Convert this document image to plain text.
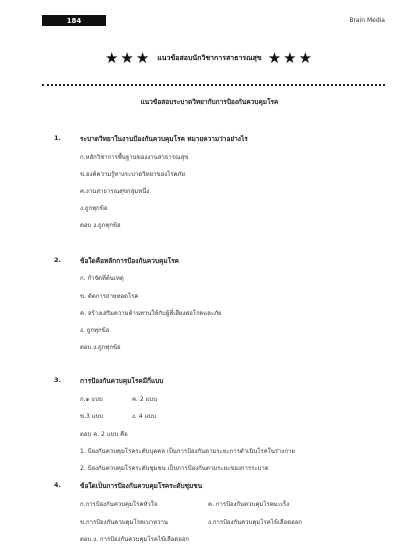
184	Brain Media
★★★ แนวข้อสอบนักวิชาการสาธารณสุข ★★★
แนวข้อสอบระบาดวิทยากับการป้องกันควบคุมโรค
1.	ระบาดวิทยาในงานป้องกันควบคุมโรค หมายความว่าอย่างไร
ก.หลักวิชาการพื้นฐานของงานสาธารณสุข
ข.องค์ความรู้ทางระบาดวิทยาของโรคภัย
ค.งานสาธารณสุขกลุ่มหนึ่ง
ง.ถูกทุกข้อ
ตอบ ง.ถูกทุกข้อ
2.	ข้อใดคือหลักการป้องกันควบคุมโรค
ก. กำจัดที่ต้นเหตุ
ข. ตัดการถ่ายทอดโรค
ค. สร้างเสริมความต้านทานให้กับผู้ที่เสี่ยงต่อโรคและภัย
ง. ถูกทุกข้อ
ตอบ ง.ถูกทุกข้อ
3.	การป้องกันควบคุมโรคมีกี่แบบ
ก.๑ แบบ	ค. 2 แบบ
ข.3 แบบ	ง. 4 แบบ
ตอบ ค. 2 แบบ คือ
1. ป้องกันควบคุมโรคระดับบุคคล เป็นการป้องกันตามระยะการดำเนินโรคในร่างกาย
2. ป้องกันควบคุมโรคระดับชุมชน เป็นการป้องกันตามระยะของการระบาด
4.	ข้อใดเป็นการป้องกันควบคุมโรคระดับชุมชน
ก.การป้องกันควบคุมโรคหัวใจ	ค. การป้องกันควบคุมโรคมะเร็ง
ข.การป้องกันควบคุมโรคเบาหวาน	ง.การป้องกันควบคุมโรคไข้เลือดออก
ตอบ ง. การป้องกันควบคุมโรคไข้เลือดออก
